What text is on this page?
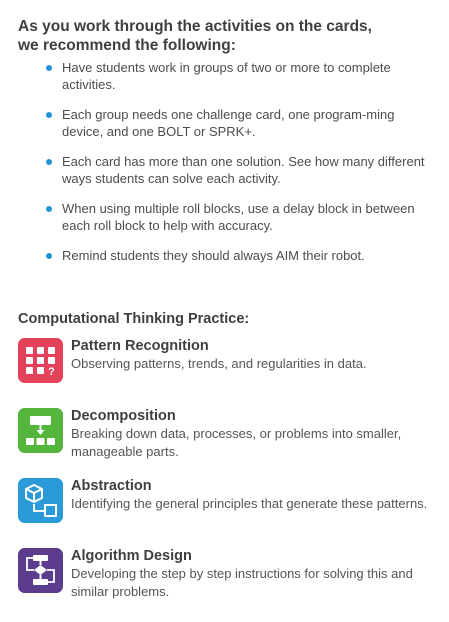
As you work through the activities on the cards,
we recommend the following:
Have students work in groups of two or more to complete activities.
Each group needs one challenge card, one program-ming device, and one BOLT or SPRK+.
Each card has more than one solution. See how many different ways students can solve each activity.
When using multiple roll blocks, use a delay block in between each roll block to help with accuracy.
Remind students they should always AIM their robot.
Computational Thinking Practice:
?
Pattern Recognition
Observing patterns, trends, and regularities in data.
Decomposition
Breaking down data, processes, or problems into smaller, manageable parts.
Abstraction
Identifying the general principles that generate these patterns.
Algorithm Design
Developing the step by step instructions for solving this and similar problems.
